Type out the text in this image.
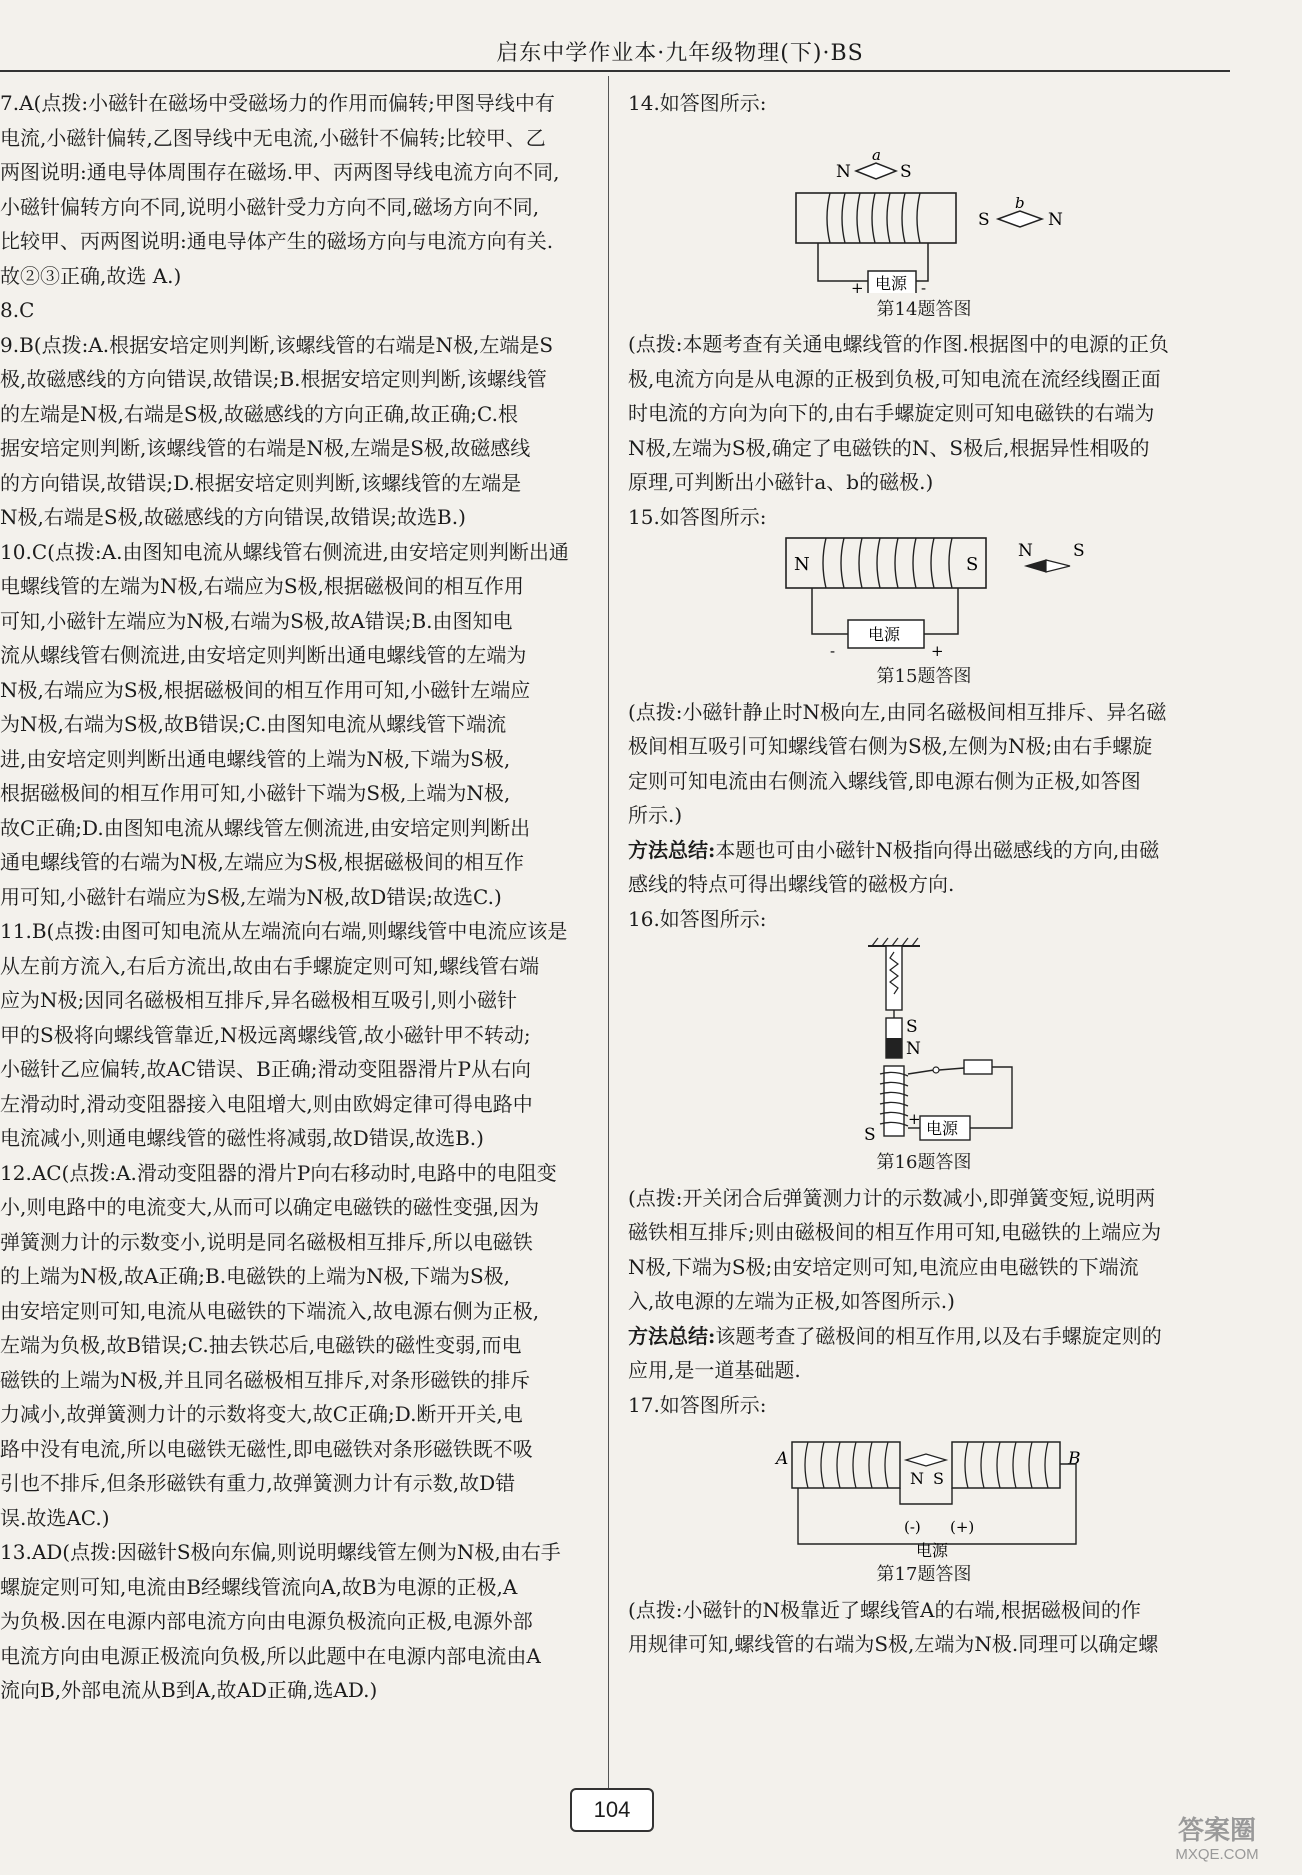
启东中学作业本·九年级物理(下)·BS

7.A(点拨:小磁针在磁场中受磁场力的作用而偏转;甲图导线中有
电流,小磁针偏转,乙图导线中无电流,小磁针不偏转;比较甲、乙
两图说明:通电导体周围存在磁场.甲、丙两图导线电流方向不同,
小磁针偏转方向不同,说明小磁针受力方向不同,磁场方向不同,
比较甲、丙两图说明:通电导体产生的磁场方向与电流方向有关.
故②③正确,故选 A.)

8.C

9.B(点拨:A.根据安培定则判断,该螺线管的右端是N极,左端是S
极,故磁感线的方向错误,故错误;B.根据安培定则判断,该螺线管
的左端是N极,右端是S极,故磁感线的方向正确,故正确;C.根
据安培定则判断,该螺线管的右端是N极,左端是S极,故磁感线
的方向错误,故错误;D.根据安培定则判断,该螺线管的左端是
N极,右端是S极,故磁感线的方向错误,故错误;故选B.)

10.C(点拨:A.由图知电流从螺线管右侧流进,由安培定则判断出通
电螺线管的左端为N极,右端应为S极,根据磁极间的相互作用
可知,小磁针左端应为N极,右端为S极,故A错误;B.由图知电
流从螺线管右侧流进,由安培定则判断出通电螺线管的左端为
N极,右端应为S极,根据磁极间的相互作用可知,小磁针左端应
为N极,右端为S极,故B错误;C.由图知电流从螺线管下端流
进,由安培定则判断出通电螺线管的上端为N极,下端为S极,
根据磁极间的相互作用可知,小磁针下端为S极,上端为N极,
故C正确;D.由图知电流从螺线管左侧流进,由安培定则判断出
通电螺线管的右端为N极,左端应为S极,根据磁极间的相互作
用可知,小磁针右端应为S极,左端为N极,故D错误;故选C.)

11.B(点拨:由图可知电流从左端流向右端,则螺线管中电流应该是
从左前方流入,右后方流出,故由右手螺旋定则可知,螺线管右端
应为N极;因同名磁极相互排斥,异名磁极相互吸引,则小磁针
甲的S极将向螺线管靠近,N极远离螺线管,故小磁针甲不转动;
小磁针乙应偏转,故AC错误、B正确;滑动变阻器滑片P从右向
左滑动时,滑动变阻器接入电阻增大,则由欧姆定律可得电路中
电流减小,则通电螺线管的磁性将减弱,故D错误,故选B.)

12.AC(点拨:A.滑动变阻器的滑片P向右移动时,电路中的电阻变
小,则电路中的电流变大,从而可以确定电磁铁的磁性变强,因为
弹簧测力计的示数变小,说明是同名磁极相互排斥,所以电磁铁
的上端为N极,故A正确;B.电磁铁的上端为N极,下端为S极,
由安培定则可知,电流从电磁铁的下端流入,故电源右侧为正极,
左端为负极,故B错误;C.抽去铁芯后,电磁铁的磁性变弱,而电
磁铁的上端为N极,并且同名磁极相互排斥,对条形磁铁的排斥
力减小,故弹簧测力计的示数将变大,故C正确;D.断开开关,电
路中没有电流,所以电磁铁无磁性,即电磁铁对条形磁铁既不吸
引也不排斥,但条形磁铁有重力,故弹簧测力计有示数,故D错
误.故选AC.)

13.AD(点拨:因磁针S极向东偏,则说明螺线管左侧为N极,由右手
螺旋定则可知,电流由B经螺线管流向A,故B为电源的正极,A
为负极.因在电源内部电流方向由电源负极流向正极,电源外部
电流方向由电源正极流向负极,所以此题中在电源内部电流由A
流向B,外部电流从B到A,故AD正确,选AD.)

14.如答图所示:

N
a
S
S
b
N
电源
+	-

第14题答图

(点拨:本题考查有关通电螺线管的作图.根据图中的电源的正负
极,电流方向是从电源的正极到负极,可知电流在流经线圈正面
时电流的方向为向下的,由右手螺旋定则可知电磁铁的右端为
N极,左端为S极,确定了电磁铁的N、S极后,根据异性相吸的
原理,可判断出小磁针a、b的磁极.)

15.如答图所示:

N	S
N S
电源
-	+

第15题答图

(点拨:小磁针静止时N极向左,由同名磁极间相互排斥、异名磁
极间相互吸引可知螺线管右侧为S极,左侧为N极;由右手螺旋
定则可知电流由右侧流入螺线管,即电源右侧为正极,如答图
所示.)

方法总结:本题也可由小磁针N极指向得出磁感线的方向,由磁
感线的特点可得出螺线管的磁极方向.

16.如答图所示:

S
N
S	电源
+

第16题答图

(点拨:开关闭合后弹簧测力计的示数减小,即弹簧变短,说明两
磁铁相互排斥;则由磁极间的相互作用可知,电磁铁的上端应为
N极,下端为S极;由安培定则可知,电流应由电磁铁的下端流
入,故电源的左端为正极,如答图所示.)

方法总结:该题考查了磁极间的相互作用,以及右手螺旋定则的
应用,是一道基础题.

17.如答图所示:

A
N S
B
(-) (+)
电源

第17题答图

(点拨:小磁针的N极靠近了螺线管A的右端,根据磁极间的作
用规律可知,螺线管的右端为S极,左端为N极.同理可以确定螺

104
答案圈
MXQE.COM
